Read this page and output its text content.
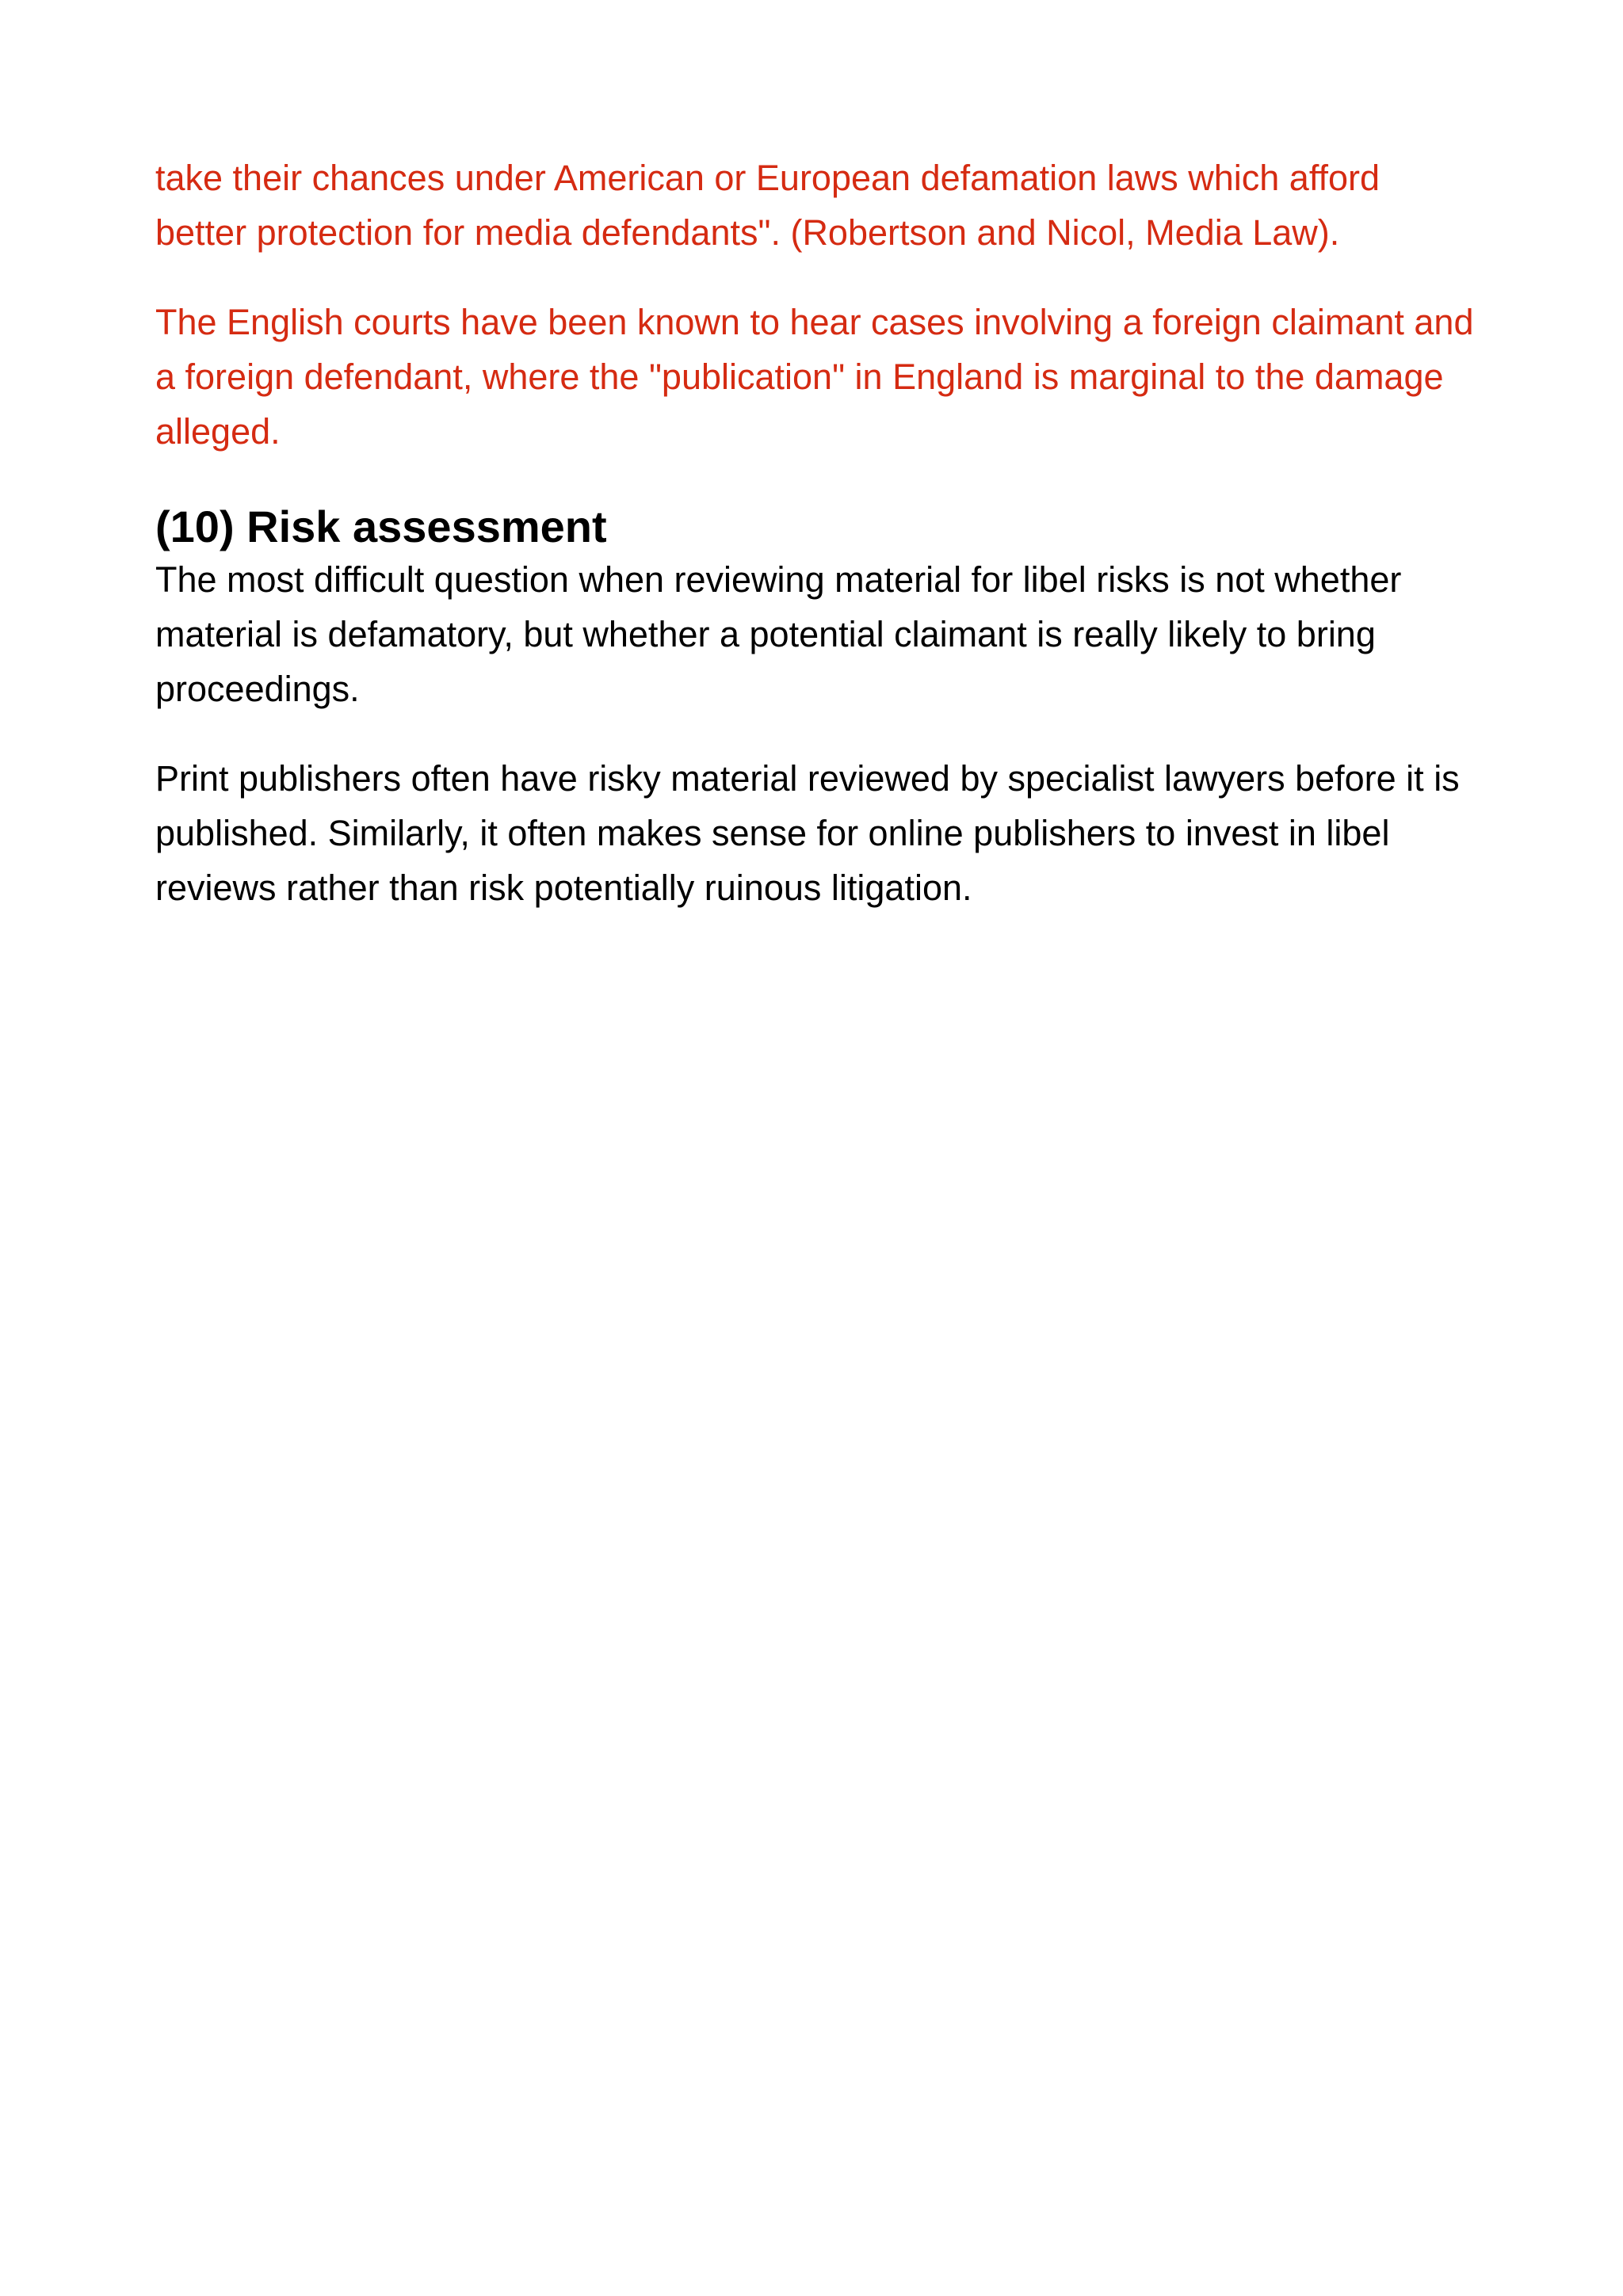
take their chances under American or European defamation laws which afford
better protection for media defendants". (Robertson and Nicol, Media Law).

The English courts have been known to hear cases involving a foreign claimant and
a foreign defendant, where the "publication" in England is marginal to the damage
alleged.

(10) Risk assessment

The most difficult question when reviewing material for libel risks is not whether
material is defamatory, but whether a potential claimant is really likely to bring
proceedings.

Print publishers often have risky material reviewed by specialist lawyers before it is
published. Similarly, it often makes sense for online publishers to invest in libel
reviews rather than risk potentially ruinous litigation.
